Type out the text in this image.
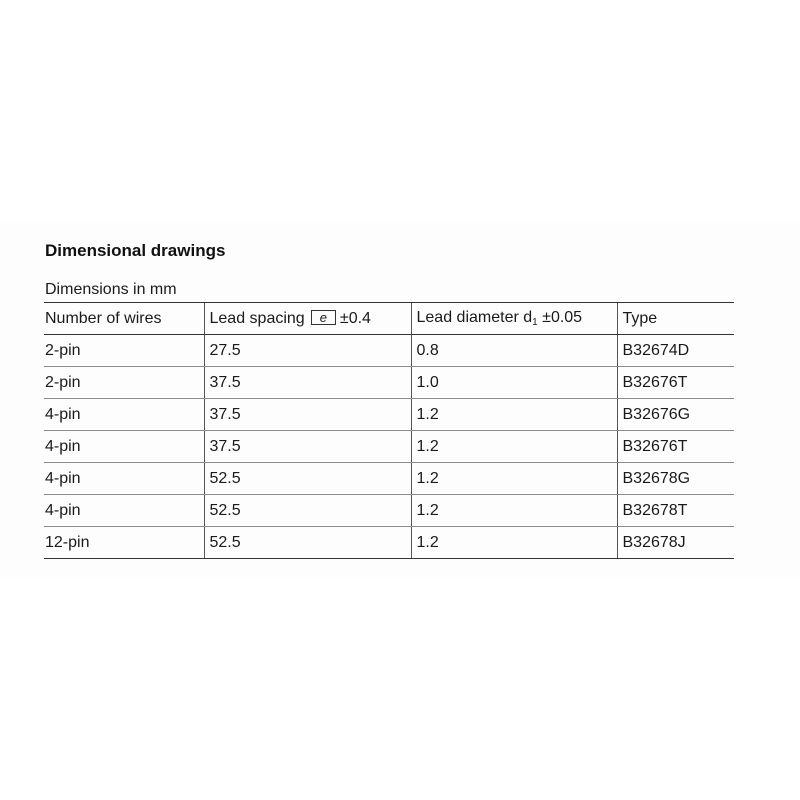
Dimensional drawings
Dimensions in mm
Number of wires	Lead spacing e ±0.4	Lead diameter $d_1 \pm 0.05$	Type
2-pin	27.5	0.8	B32674D
2-pin	37.5	1.0	B32676T
4-pin	37.5	1.2	B32676G
4-pin	37.5	1.2	B32676T
4-pin	52.5	1.2	B32678G
4-pin	52.5	1.2	B32678T
12-pin	52.5	1.2	B32678J
